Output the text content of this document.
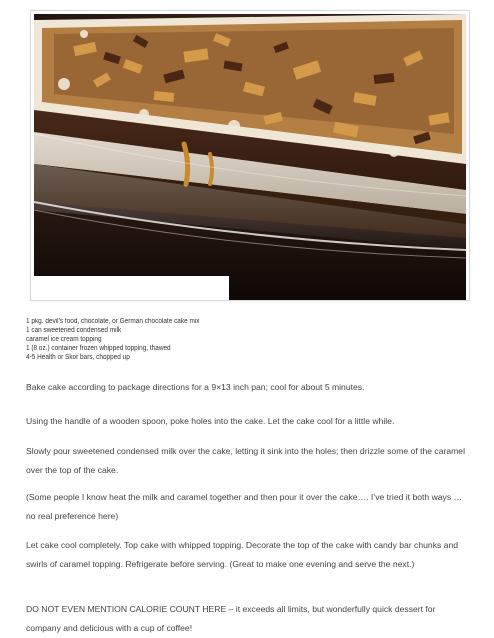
1 pkg. devil’s food, chocolate, or German chocolate cake mix
1 can sweetened condensed milk
caramel ice cream topping
1 (8 oz.) container frozen whipped topping, thawed
4-5 Health or Skor bars, chopped up

Bake cake according to package directions for a 9×13 inch pan; cool for about 5 minutes.

Using the handle of a wooden spoon, poke holes into the cake. Let the cake cool for a little while.

Slowly pour sweetened condensed milk over the cake, letting it sink into the holes; then drizzle some of the caramel over the top of the cake.

(Some people I know heat the milk and caramel together and then pour it over the cake…. I’ve tried it both ways … no real preference here)

Let cake cool completely. Top cake with whipped topping. Decorate the top of the cake with candy bar chunks and swirls of caramel topping. Refrigerate before serving. (Great to make one evening and serve the next.)

DO NOT EVEN MENTION CALORIE COUNT HERE – it exceeds all limits, but wonderfully quick dessert for company and delicious with a cup of coffee!
